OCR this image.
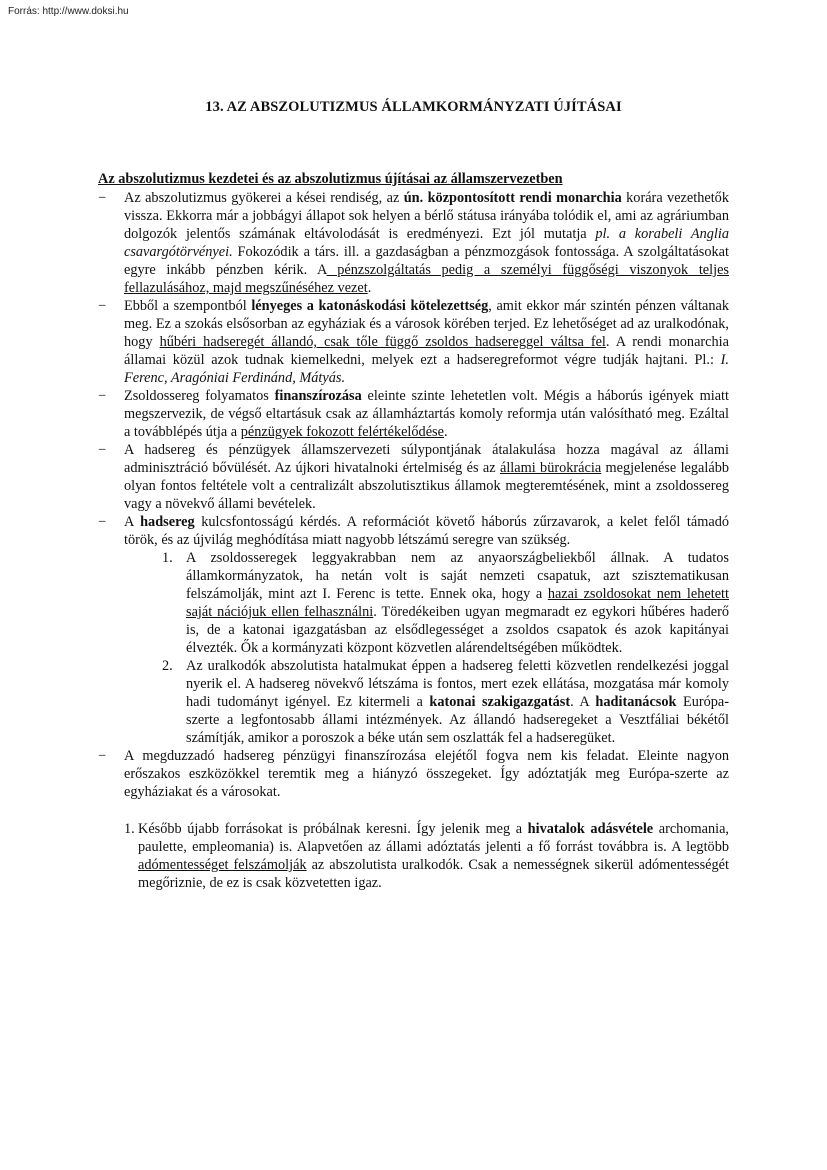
Forrás: http://www.doksi.hu
13. AZ ABSZOLUTIZMUS ÁLLAMKORMÁNYZATI ÚJÍTÁSAI
Az abszolutizmus kezdetei és az abszolutizmus újításai az államszervezetben
− Az abszolutizmus gyökerei a kései rendiség, az ún. központosított rendi monarchia korára vezethetők vissza. Ekkorra már a jobbágyi állapot sok helyen a bérlő státusa irányába tolódik el, ami az agráriumban dolgozók jelentős számának eltávolodását is eredményezi. Ezt jól mutatja pl. a korabeli Anglia csavargótörvényei. Fokozódik a társ. ill. a gazdaságban a pénzmozgások fontossága. A szolgáltatásokat egyre inkább pénzben kérik. A pénzszolgáltatás pedig a személyi függőségi viszonyok teljes fellazulásához, majd megszűnéséhez vezet.
− Ebből a szempontból lényeges a katonáskodási kötelezettség, amit ekkor már szintén pénzen váltanak meg. Ez a szokás elsősorban az egyháziak és a városok körében terjed. Ez lehetőséget ad az uralkodónak, hogy hűbéri hadseregét állandó, csak tőle függő zsoldos hadsereggel váltsa fel. A rendi monarchia államai közül azok tudnak kiemelkedni, melyek ezt a hadseregreformot végre tudják hajtani. Pl.: I. Ferenc, Aragóniai Ferdinánd, Mátyás.
− Zsoldossereg folyamatos finanszírozása eleinte szinte lehetetlen volt. Mégis a háborús igények miatt megszervezik, de végső eltartásuk csak az államháztartás komoly reformja után valósítható meg. Ezáltal a továbblépés útja a pénzügyek fokozott felértékelődése.
− A hadsereg és pénzügyek államszervezeti súlypontjának átalakulása hozza magával az állami adminisztráció bővülését. Az újkori hivatalnoki értelmiség és az állami bürokrácia megjelenése legalább olyan fontos feltétele volt a centralizált abszolutisztikus államok megteremtésének, mint a zsoldossereg vagy a növekvő állami bevételek.
− A hadsereg kulcsfontosságú kérdés. A reformációt követő háborús zűrzavarok, a kelet felől támadó török, és az újvilág meghódítása miatt nagyobb létszámú seregre van szükség.
1. A zsoldosseregek leggyakrabban nem az anyaországbeliekből állnak. A tudatos államkormányzatok, ha netán volt is saját nemzeti csapatuk, azt szisztematikusan felszámolják, mint azt I. Ferenc is tette. Ennek oka, hogy a hazai zsoldosokat nem lehetett saját nációjuk ellen felhasználni. Töredékeiben ugyan megmaradt ez egykori hűbéres haderő is, de a katonai igazgatásban az elsődlegességet a zsoldos csapatok és azok kapitányai élvezték. Ők a kormányzati központ közvetlen alárendeltségében működtek.
2. Az uralkodók abszolutista hatalmukat éppen a hadsereg feletti közvetlen rendelkezési joggal nyerik el. A hadsereg növekvő létszáma is fontos, mert ezek ellátása, mozgatása már komoly hadi tudományt igényel. Ez kitermeli a katonai szakigazgatást. A haditanácsok Európa-szerte a legfontosabb állami intézmények. Az állandó hadseregeket a Vesztfáliai békétől számítják, amikor a poroszok a béke után sem oszlatták fel a hadseregüket.
− A megduzzadó hadsereg pénzügyi finanszírozása elejétől fogva nem kis feladat. Eleinte nagyon erőszakos eszközökkel teremtik meg a hiányzó összegeket. Így adóztatják meg Európa-szerte az egyháziakat és a városokat.
1. Később újabb forrásokat is próbálnak keresni. Így jelenik meg a hivatalok adásvétele archomania, paulette, empleomania) is. Alapvetően az állami adóztatás jelenti a fő forrást továbbra is. A legtöbb adómentességet felszámolják az abszolutista uralkodók. Csak a nemességnek sikerül adómentességét megőriznie, de ez is csak közvetetten igaz.
